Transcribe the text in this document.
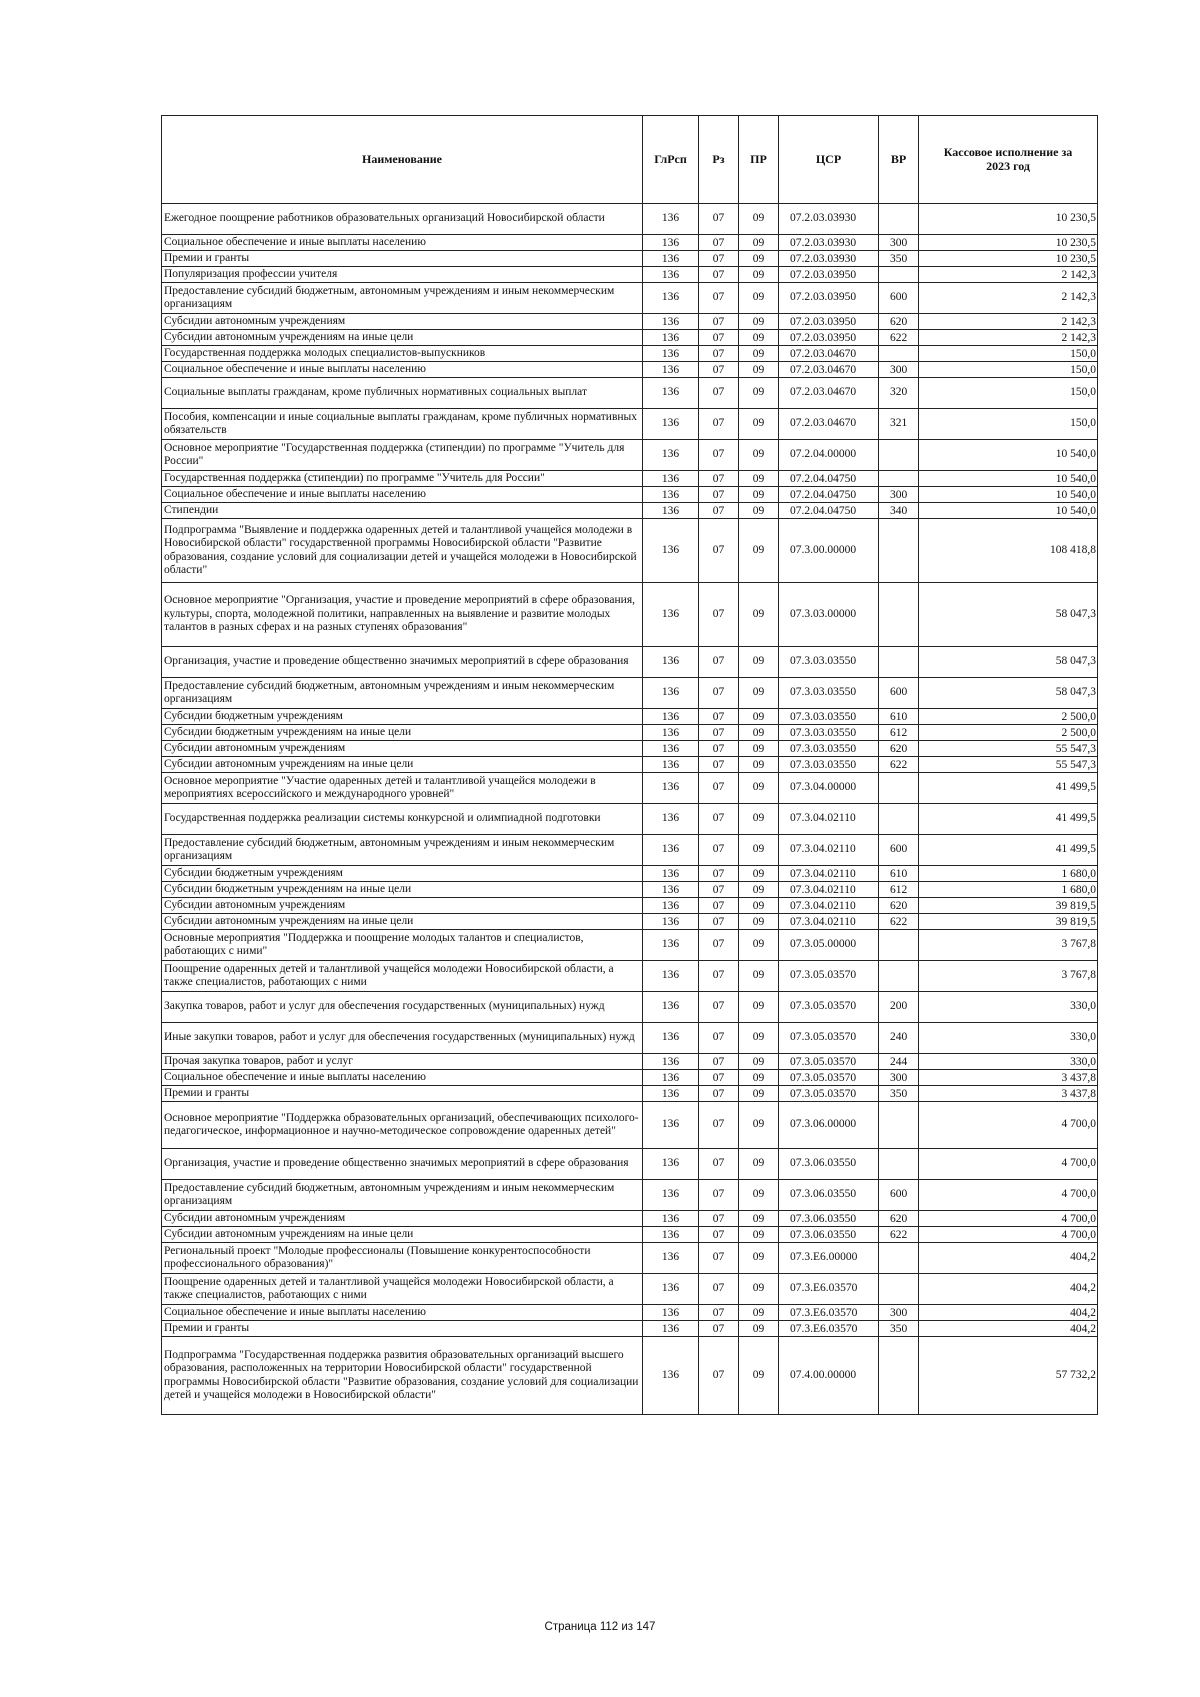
Наименование	ГлРсп	Рз	ПР	ЦСР	ВР	Кассовое исполнение за
2023 год
Ежегодное поощрение работников образовательных организаций Новосибирской области	136	07	09	07.2.03.03930		10 230,5
Социальное обеспечение и иные выплаты населению	136	07	09	07.2.03.03930	300	10 230,5
Премии и гранты	136	07	09	07.2.03.03930	350	10 230,5
Популяризация профессии учителя	136	07	09	07.2.03.03950		2 142,3
Предоставление субсидий бюджетным, автономным учреждениям и иным некоммерческим организациям	136	07	09	07.2.03.03950	600	2 142,3
Субсидии автономным учреждениям	136	07	09	07.2.03.03950	620	2 142,3
Субсидии автономным учреждениям на иные цели	136	07	09	07.2.03.03950	622	2 142,3
Государственная поддержка молодых специалистов-выпускников	136	07	09	07.2.03.04670		150,0
Социальное обеспечение и иные выплаты населению	136	07	09	07.2.03.04670	300	150,0
Социальные выплаты гражданам, кроме публичных нормативных социальных выплат	136	07	09	07.2.03.04670	320	150,0
Пособия, компенсации и иные социальные выплаты гражданам, кроме публичных нормативных обязательств	136	07	09	07.2.03.04670	321	150,0
Основное мероприятие "Государственная поддержка (стипендии) по программе "Учитель для России"	136	07	09	07.2.04.00000		10 540,0
Государственная поддержка (стипендии) по программе "Учитель для России"	136	07	09	07.2.04.04750		10 540,0
Социальное обеспечение и иные выплаты населению	136	07	09	07.2.04.04750	300	10 540,0
Стипендии	136	07	09	07.2.04.04750	340	10 540,0
Подпрограмма "Выявление и поддержка одаренных детей и талантливой учащейся молодежи в Новосибирской области" государственной программы Новосибирской области "Развитие образования, создание условий для социализации детей и учащейся молодежи в Новосибирской области"	136	07	09	07.3.00.00000		108 418,8
Основное мероприятие "Организация, участие и проведение мероприятий в сфере образования, культуры, спорта, молодежной политики, направленных на выявление и развитие молодых талантов в разных сферах и на разных ступенях образования"	136	07	09	07.3.03.00000		58 047,3
Организация, участие и проведение общественно значимых мероприятий в сфере образования	136	07	09	07.3.03.03550		58 047,3
Предоставление субсидий бюджетным, автономным учреждениям и иным некоммерческим организациям	136	07	09	07.3.03.03550	600	58 047,3
Субсидии бюджетным учреждениям	136	07	09	07.3.03.03550	610	2 500,0
Субсидии бюджетным учреждениям на иные цели	136	07	09	07.3.03.03550	612	2 500,0
Субсидии автономным учреждениям	136	07	09	07.3.03.03550	620	55 547,3
Субсидии автономным учреждениям на иные цели	136	07	09	07.3.03.03550	622	55 547,3
Основное мероприятие "Участие одаренных детей и талантливой учащейся молодежи в мероприятиях всероссийского и международного уровней"	136	07	09	07.3.04.00000		41 499,5
Государственная поддержка реализации системы конкурсной и олимпиадной подготовки	136	07	09	07.3.04.02110		41 499,5
Предоставление субсидий бюджетным, автономным учреждениям и иным некоммерческим организациям	136	07	09	07.3.04.02110	600	41 499,5
Субсидии бюджетным учреждениям	136	07	09	07.3.04.02110	610	1 680,0
Субсидии бюджетным учреждениям на иные цели	136	07	09	07.3.04.02110	612	1 680,0
Субсидии автономным учреждениям	136	07	09	07.3.04.02110	620	39 819,5
Субсидии автономным учреждениям на иные цели	136	07	09	07.3.04.02110	622	39 819,5
Основные мероприятия "Поддержка и поощрение молодых талантов и специалистов, работающих с ними"	136	07	09	07.3.05.00000		3 767,8
Поощрение одаренных детей и талантливой учащейся молодежи Новосибирской области, а также специалистов, работающих с ними	136	07	09	07.3.05.03570		3 767,8
Закупка товаров, работ и услуг для обеспечения государственных (муниципальных) нужд	136	07	09	07.3.05.03570	200	330,0
Иные закупки товаров, работ и услуг для обеспечения государственных (муниципальных) нужд	136	07	09	07.3.05.03570	240	330,0
Прочая закупка товаров, работ и услуг	136	07	09	07.3.05.03570	244	330,0
Социальное обеспечение и иные выплаты населению	136	07	09	07.3.05.03570	300	3 437,8
Премии и гранты	136	07	09	07.3.05.03570	350	3 437,8
Основное мероприятие "Поддержка образовательных организаций, обеспечивающих психолого-педагогическое, информационное и научно-методическое сопровождение одаренных детей"	136	07	09	07.3.06.00000		4 700,0
Организация, участие и проведение общественно значимых мероприятий в сфере образования	136	07	09	07.3.06.03550		4 700,0
Предоставление субсидий бюджетным, автономным учреждениям и иным некоммерческим организациям	136	07	09	07.3.06.03550	600	4 700,0
Субсидии автономным учреждениям	136	07	09	07.3.06.03550	620	4 700,0
Субсидии автономным учреждениям на иные цели	136	07	09	07.3.06.03550	622	4 700,0
Региональный проект "Молодые профессионалы (Повышение конкурентоспособности профессионального образования)"	136	07	09	07.3.E6.00000		404,2
Поощрение одаренных детей и талантливой учащейся молодежи Новосибирской области, а также специалистов, работающих с ними	136	07	09	07.3.E6.03570		404,2
Социальное обеспечение и иные выплаты населению	136	07	09	07.3.E6.03570	300	404,2
Премии и гранты	136	07	09	07.3.E6.03570	350	404,2
Подпрограмма "Государственная поддержка развития образовательных организаций высшего образования, расположенных на территории Новосибирской области" государственной программы Новосибирской области "Развитие образования, создание условий для социализации детей и учащейся молодежи в Новосибирской области"	136	07	09	07.4.00.00000		57 732,2
Страница 112 из 147
